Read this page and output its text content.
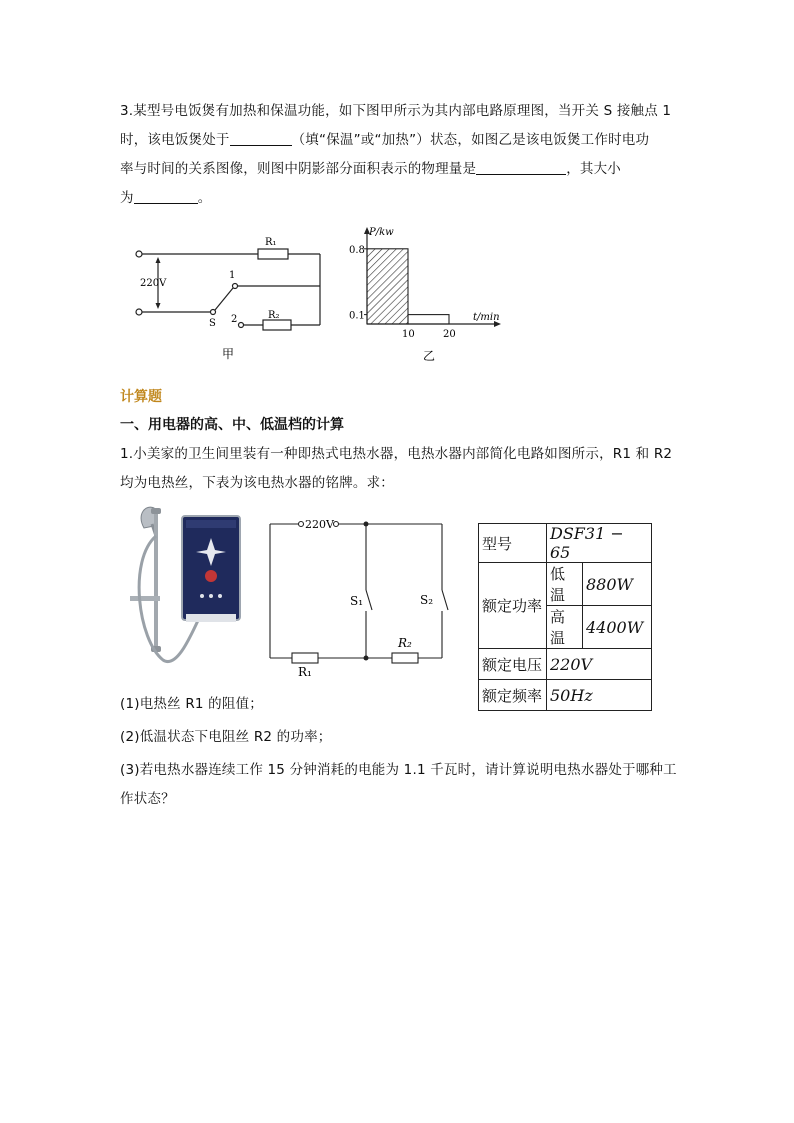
3.某型号电饭煲有加热和保温功能，如下图甲所示为其内部电路原理图，当开关 S 接触点 1
时，该电饭煲处于	（填“保温”或“加热”）状态，如图乙是该电饭煲工作时电功
率与时间的关系图像，则图中阴影部分面积表示的物理量是	，其大小
为	。
220V
R₁
R₂
1
2
S
甲
0.8
0.1
10	20
P/kw
t/min
乙
计算题
一、用电器的高、中、低温档的计算
1.小美家的卫生间里装有一种即热式电热水器，电热水器内部简化电路如图所示，R1 和 R2
均为电热丝，下表为该电热水器的铭牌。求：
220V
S₁	S₂
R₁
R₂
型号	DSF31 − 65	
额定功率	低温	880W
	高温	4400W
额定电压	220V	
额定频率	50Hz	
(1)电热丝 R1 的阻值；
(2)低温状态下电阻丝 R2 的功率；
(3)若电热水器连续工作 15 分钟消耗的电能为 1.1 千瓦时，请计算说明电热水器处于哪种工
作状态？
